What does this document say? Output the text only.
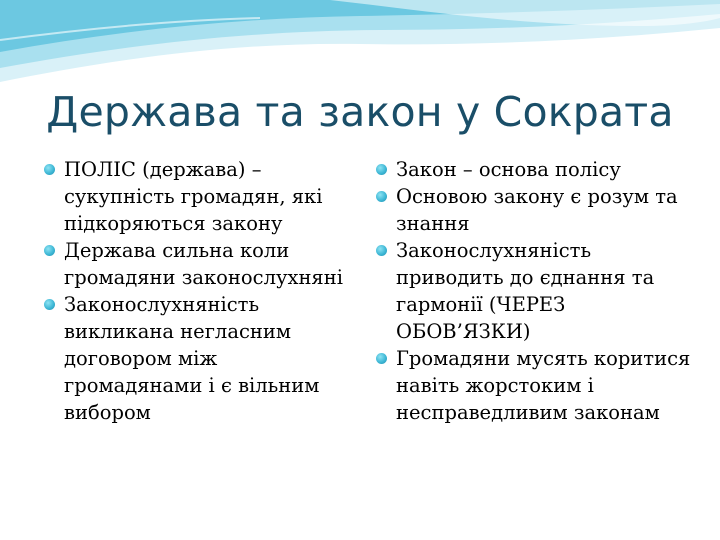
Держава та закон у Сократа
ПОЛІС (держава) – сукупність громадян, які підкоряються закону
Держава сильна коли громадяни законослухняні
Законослухняність викликана негласним договором між громадянами і є вільним вибором
Закон – основа полісу
Основою закону є розум та знання
Законослухняність приводить до єднання та гармонії (ЧЕРЕЗ ОБОВ’ЯЗКИ)
Громадяни мусять коритися навіть жорстоким і несправедливим законам
